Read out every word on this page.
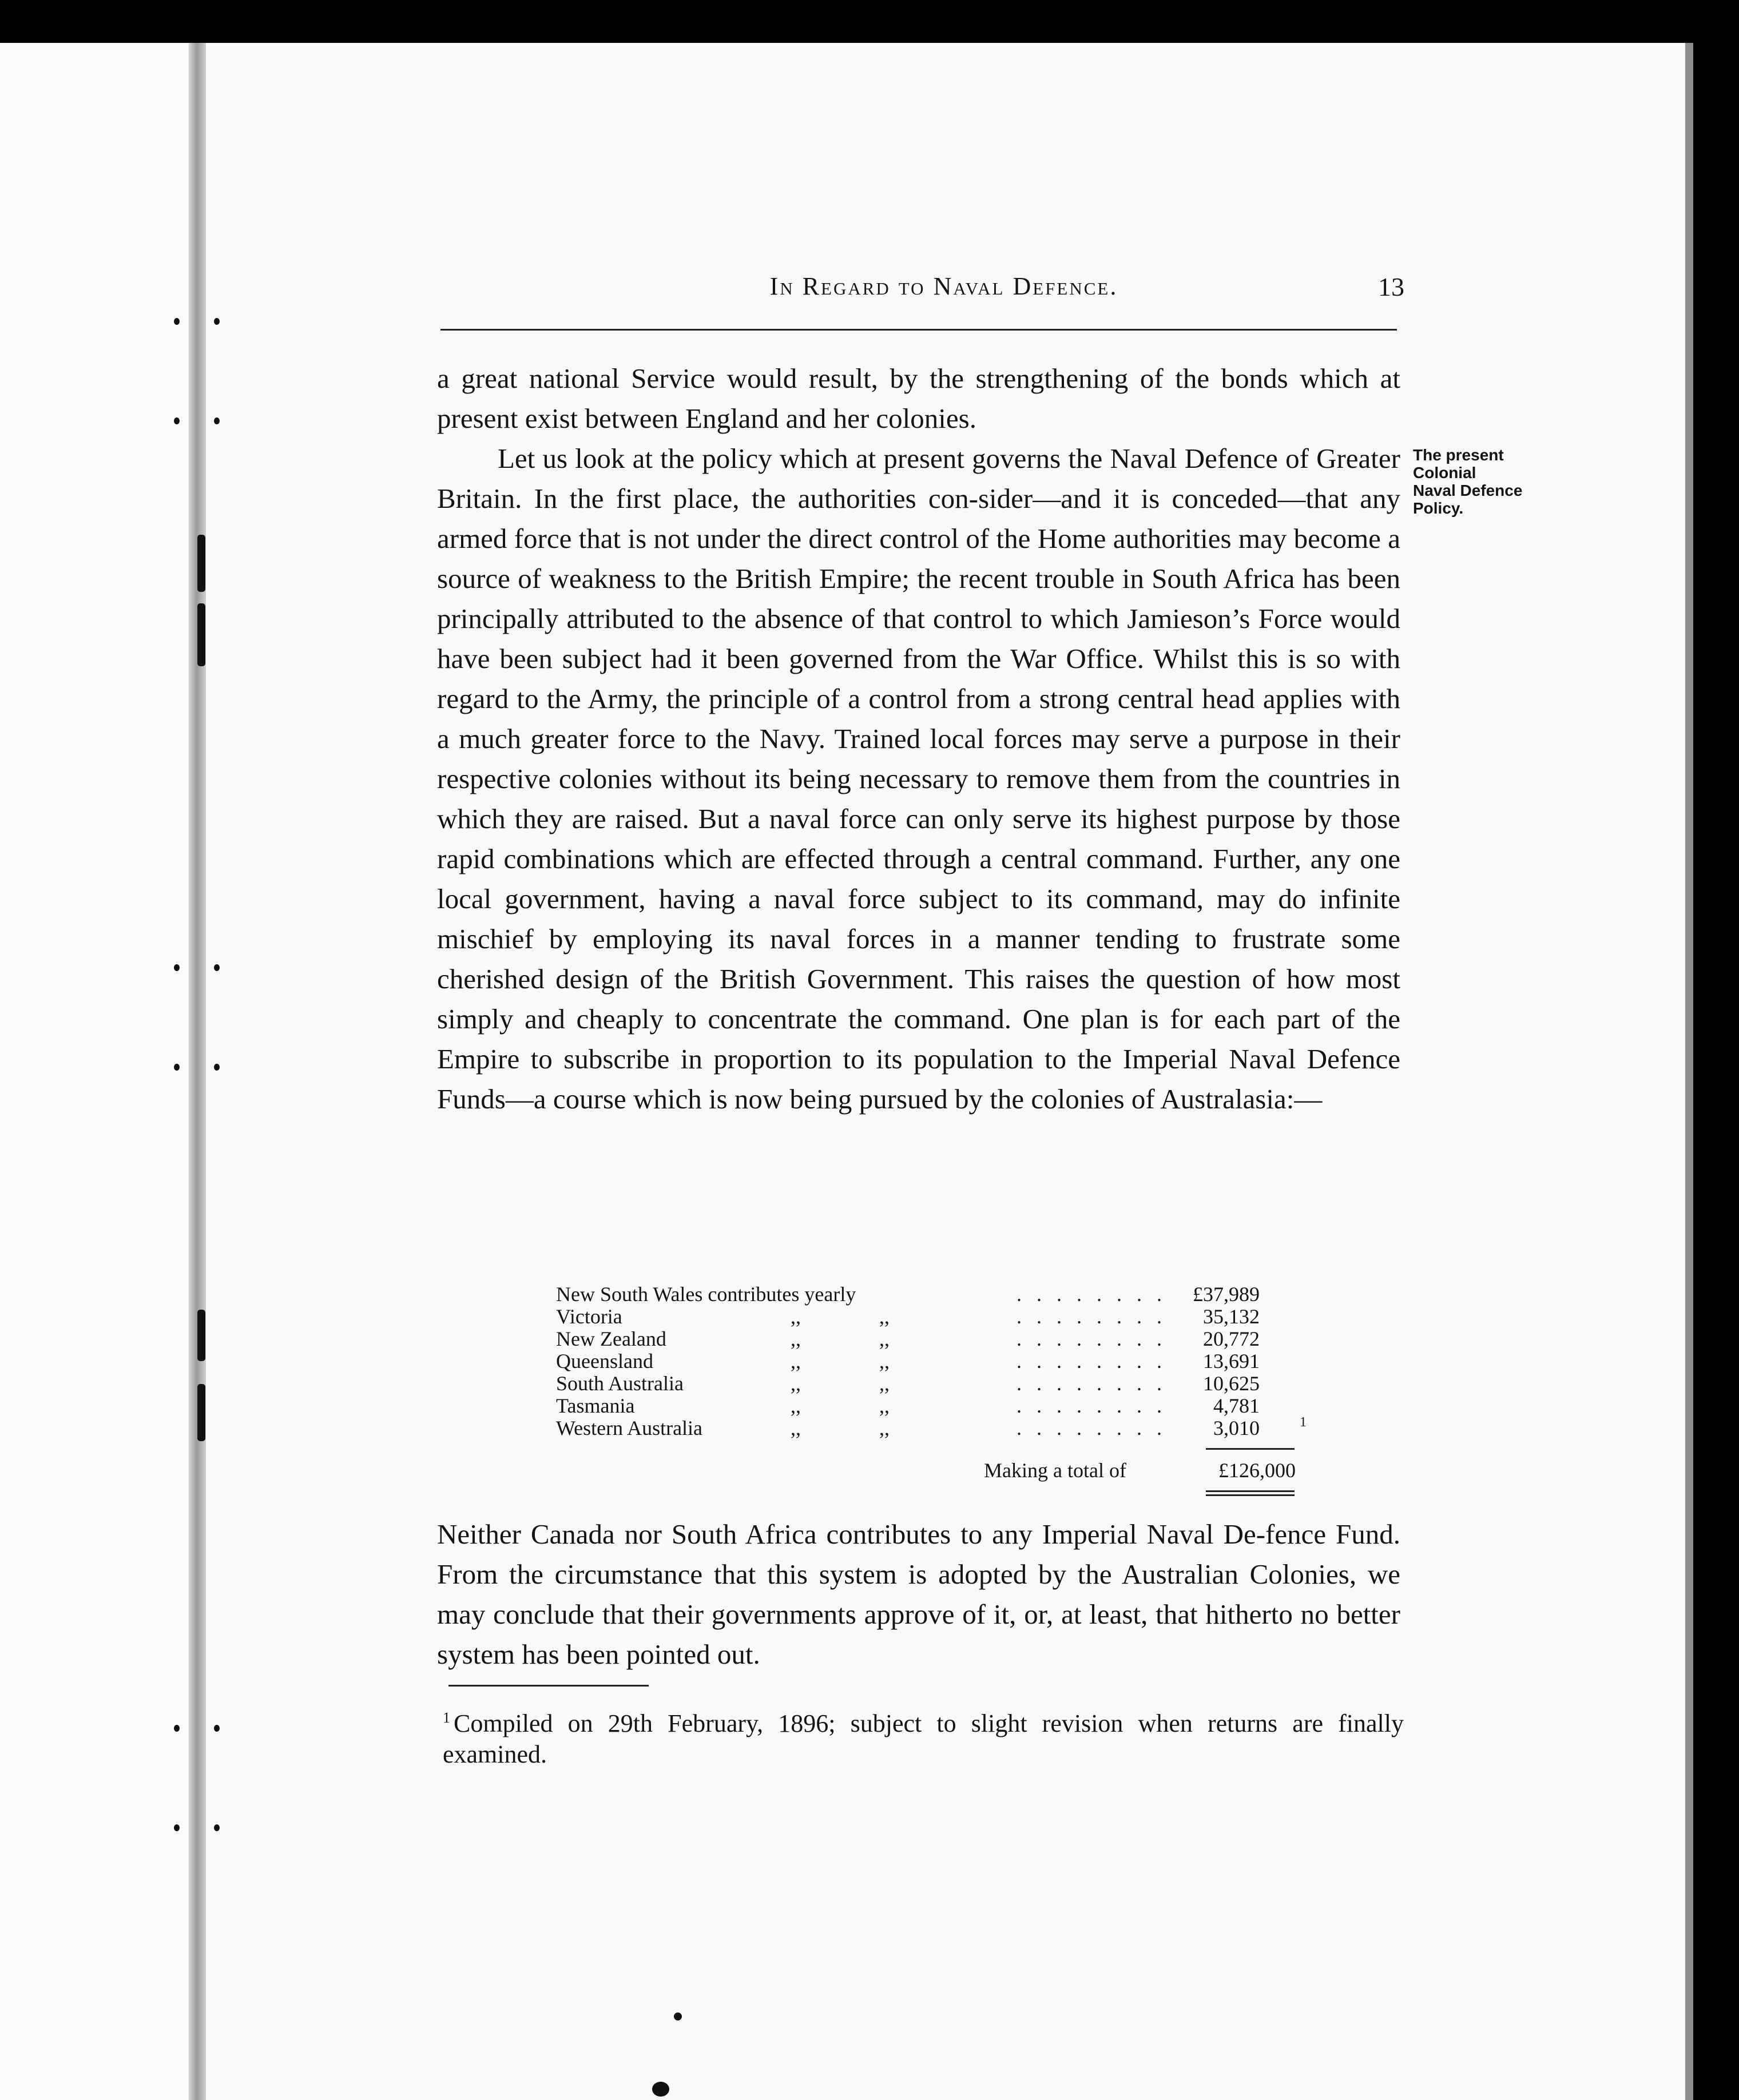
In Regard to Naval Defence.	13

a great national Service would result, by the strengthening of the bonds which at present exist between England and her colonies.

Let us look at the policy which at present governs the Naval Defence of Greater Britain. In the first place, the authorities con-sider—and it is conceded—that any armed force that is not under the direct control of the Home authorities may become a source of weakness to the British Empire; the recent trouble in South Africa has been principally attributed to the absence of that control to which Jamieson’s Force would have been subject had it been governed from the War Office. Whilst this is so with regard to the Army, the principle of a control from a strong central head applies with a much greater force to the Navy. Trained local forces may serve a purpose in their respective colonies without its being necessary to remove them from the countries in which they are raised. But a naval force can only serve its highest purpose by those rapid combinations which are effected through a central command. Further, any one local government, having a naval force subject to its command, may do infinite mischief by employing its naval forces in a manner tending to frustrate some cherished design of the British Government. This raises the question of how most simply and cheaply to concentrate the command. One plan is for each part of the Empire to subscribe in proportion to its population to the Imperial Naval Defence Funds—a course which is now being pursued by the colonies of Australasia:—

The present
Colonial
Naval Defence
Policy.
New South Wales contributes yearly	........ £37,989
Victoria	,,	,,	........ 35,132
New Zealand	,,	,,	........ 20,772
Queensland	,,	,,	........ 13,691
South Australia	,,	,,	........ 10,625
Tasmania	,,	,,	........ 4,781
Western Australia	,,	,,	........ 3,010	1
Making a total of	£126,000

Neither Canada nor South Africa contributes to any Imperial Naval De-fence Fund. From the circumstance that this system is adopted by the Australian Colonies, we may conclude that their governments approve of it, or, at least, that hitherto no better system has been pointed out.

$^1$ Compiled on 29th February, 1896; subject to slight revision when returns are finally examined.
